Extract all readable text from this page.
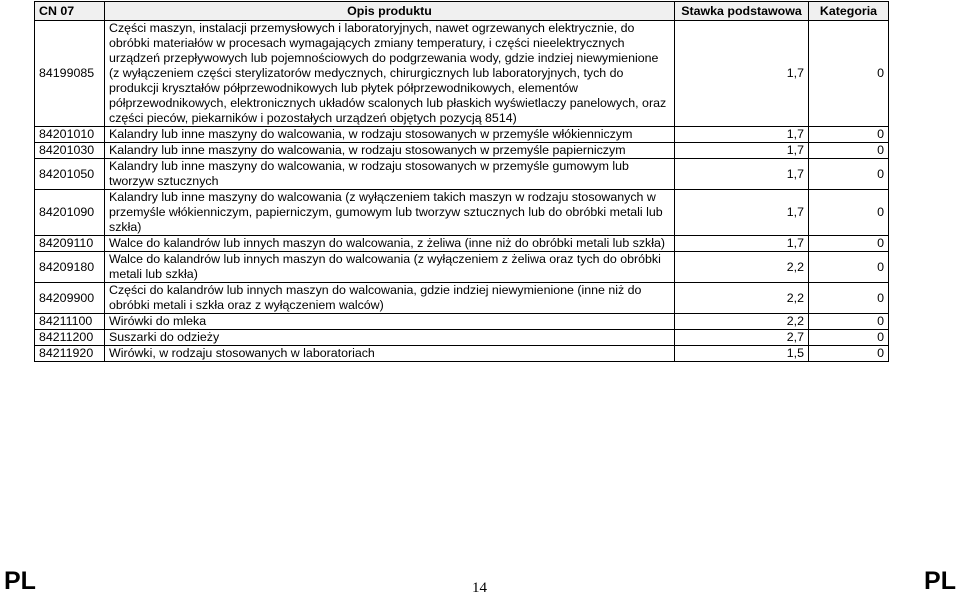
CN 07	Opis produktu	Stawka podstawowa	Kategoria
84199085	Części maszyn, instalacji przemysłowych i laboratoryjnych, nawet ogrzewanych elektrycznie, do obróbki materiałów w procesach wymagających zmiany temperatury, i części nieelektrycznych urządzeń przepływowych lub pojemnościowych do podgrzewania wody, gdzie indziej niewymienione (z wyłączeniem części sterylizatorów medycznych, chirurgicznych lub laboratoryjnych, tych do produkcji kryształów półprzewodnikowych lub płytek półprzewodnikowych, elementów półprzewodnikowych, elektronicznych układów scalonych lub płaskich wyświetlaczy panelowych, oraz części pieców, piekarników i pozostałych urządzeń objętych pozycją 8514)	1,7	0
84201010	Kalandry lub inne maszyny do walcowania, w rodzaju stosowanych w przemyśle włókienniczym	1,7	0
84201030	Kalandry lub inne maszyny do walcowania, w rodzaju stosowanych w przemyśle papierniczym	1,7	0
84201050	Kalandry lub inne maszyny do walcowania, w rodzaju stosowanych w przemyśle gumowym lub tworzyw sztucznych	1,7	0
84201090	Kalandry lub inne maszyny do walcowania (z wyłączeniem takich maszyn w rodzaju stosowanych w przemyśle włókienniczym, papierniczym, gumowym lub tworzyw sztucznych lub do obróbki metali lub szkła)	1,7	0
84209110	Walce do kalandrów lub innych maszyn do walcowania, z żeliwa (inne niż do obróbki metali lub szkła)	1,7	0
84209180	Walce do kalandrów lub innych maszyn do walcowania (z wyłączeniem z żeliwa oraz tych do obróbki metali lub szkła)	2,2	0
84209900	Części do kalandrów lub innych maszyn do walcowania, gdzie indziej niewymienione (inne niż do obróbki metali i szkła oraz z wyłączeniem walców)	2,2	0
84211100	Wirówki do mleka	2,2	0
84211200	Suszarki do odzieży	2,7	0
84211920	Wirówki, w rodzaju stosowanych w laboratoriach	1,5	0
PL	14	PL
